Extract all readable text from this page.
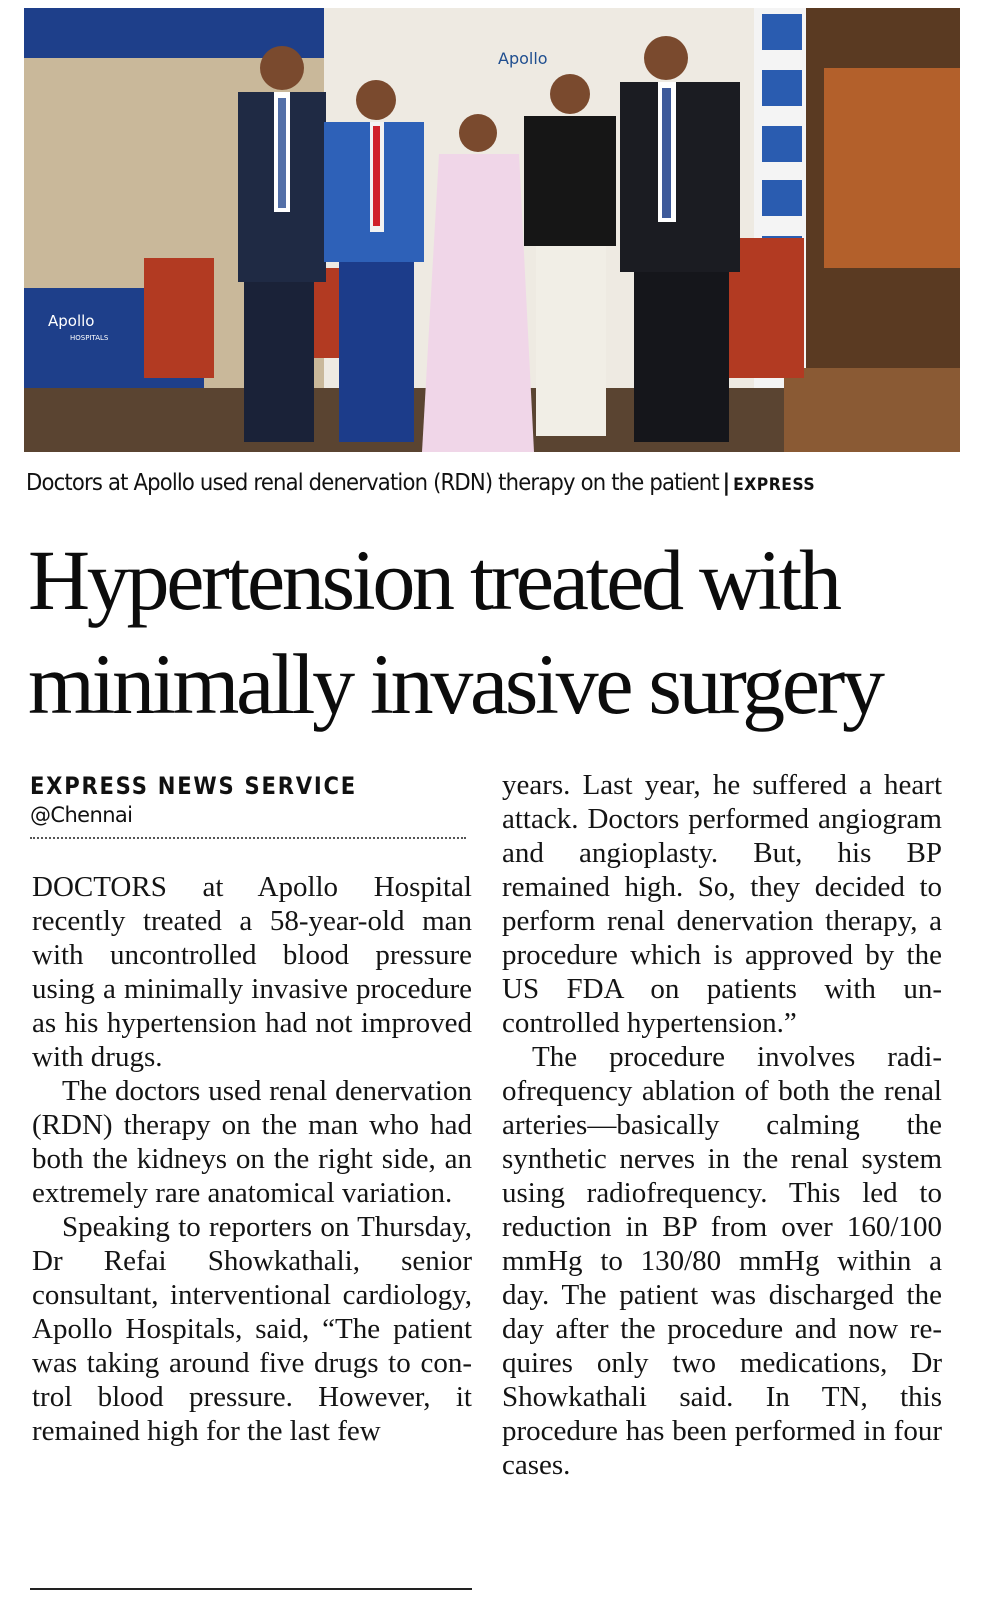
Apollo
Apollo
HOSPITALS
Doctors at Apollo used renal denervation (RDN) therapy on the patient | EXPRESS
Hypertension treated with
minimally invasive surgery
EXPRESS NEWS SERVICE
@Chennai

DOCTORS at Apollo Hospital recently treated a 58-year-old man with uncontrolled blood pressure using a minimally invasive procedure as his hypertension had not improved with drugs.

The doctors used renal denervation (RDN) therapy on the man who had both the kidneys on the right side, an extremely rare anatomical variation.

Speaking to reporters on Thursday, Dr Refai Showkathali, senior consultant, interventional cardiology, Apollo Hospitals, said, “The patient was taking around five drugs to control blood pressure. However, it remained high for the last few

years. Last year, he suffered a heart attack. Doctors performed angiogram and angioplasty. But, his BP remained high. So, they decided to perform renal denervation therapy, a procedure which is approved by the US FDA on patients with uncontrolled hypertension.”

The procedure involves radiofrequency ablation of both the renal arteries—basically calming the synthetic nerves in the renal system using radiofrequency. This led to reduction in BP from over 160/100 mmHg to 130/80 mmHg within a day. The patient was discharged the day after the procedure and now requires only two medications, Dr Showkathali said. In TN, this procedure has been performed in four cases.
